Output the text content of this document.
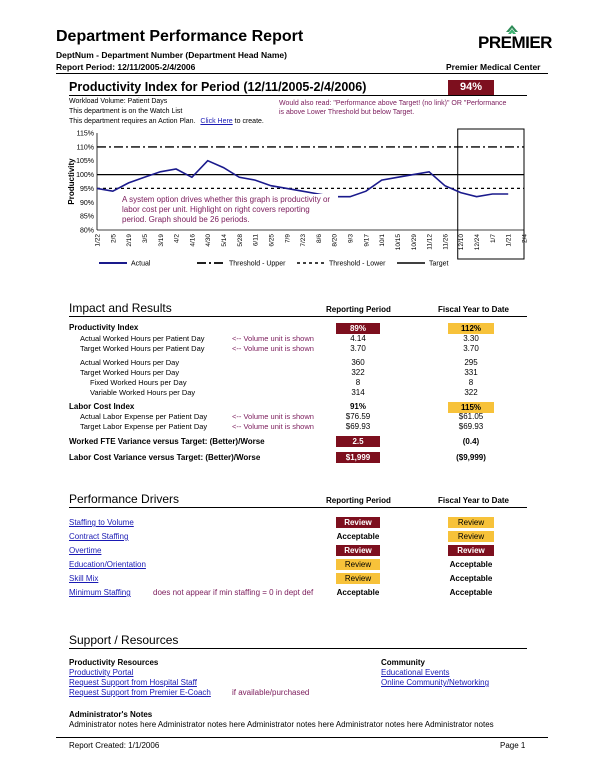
Department Performance Report
DeptNum - Department Number (Department Head Name)
Report Period: 12/11/2005-2/4/2006	Premier Medical Center
PREMIER
Productivity Index for Period (12/11/2005-2/4/2006)	94%
Workload Volume: Patient Days
This department is on the Watch List
This department requires an Action Plan. Click Here to create.
Would also read: "Performance above Target! (no link)" OR "Performance is above Lower Threshold but below Target.
115%
110%
105%
100%
95%
90%
85%
80%
Productivity
1/22 2/5 2/19 3/5 3/19 4/2 4/16 4/30 5/14 5/28 6/11 6/25 7/9 7/23 8/6 8/20 9/3 9/17 10/1 10/15 10/29 11/12 11/26 12/10 12/24 1/7 1/21 2/4
Actual	Threshold - Upper	Threshold - Lower	Target
A system option drives whether this graph is productivity or labor cost per unit. Highlight on right covers reporting period. Graph should be 26 periods.
Impact and Results	Reporting Period	Fiscal Year to Date
Productivity Index	89%	112%
Actual Worked Hours per Patient Day	<-- Volume unit is shown	4.14	3.30
Target Worked Hours per Patient Day	<-- Volume unit is shown	3.70	3.70
Actual Worked Hours per Day	360	295
Target Worked Hours per Day	322	331
Fixed Worked Hours per Day	8	8
Variable Worked Hours per Day	314	322
Labor Cost Index	91%	115%
Actual Labor Expense per Patient Day	<-- Volume unit is shown	$76.59	$61.05
Target Labor Expense per Patient Day	<-- Volume unit is shown	$69.93	$69.93
Worked FTE Variance versus Target: (Better)/Worse	2.5	(0.4)
Labor Cost Variance versus Target: (Better)/Worse	$1,999	($9,999)
Performance Drivers	Reporting Period	Fiscal Year to Date
Staffing to Volume	Review	Review
Contract Staffing	Acceptable	Review
Overtime	Review	Review
Education/Orientation	Review	Acceptable
Skill Mix	Review	Acceptable
Minimum Staffing	does not appear if min staffing = 0 in dept def	Acceptable	Acceptable
Support / Resources
Productivity Resources
Productivity Portal
Request Support from Hospital Staff
Request Support from Premier E-Coach	if available/purchased
Community
Educational Events
Online Community/Networking
Administrator's Notes
Administrator notes here Administrator notes here Administrator notes here Administrator notes here Administrator notes
Report Created: 1/1/2006	Page 1
